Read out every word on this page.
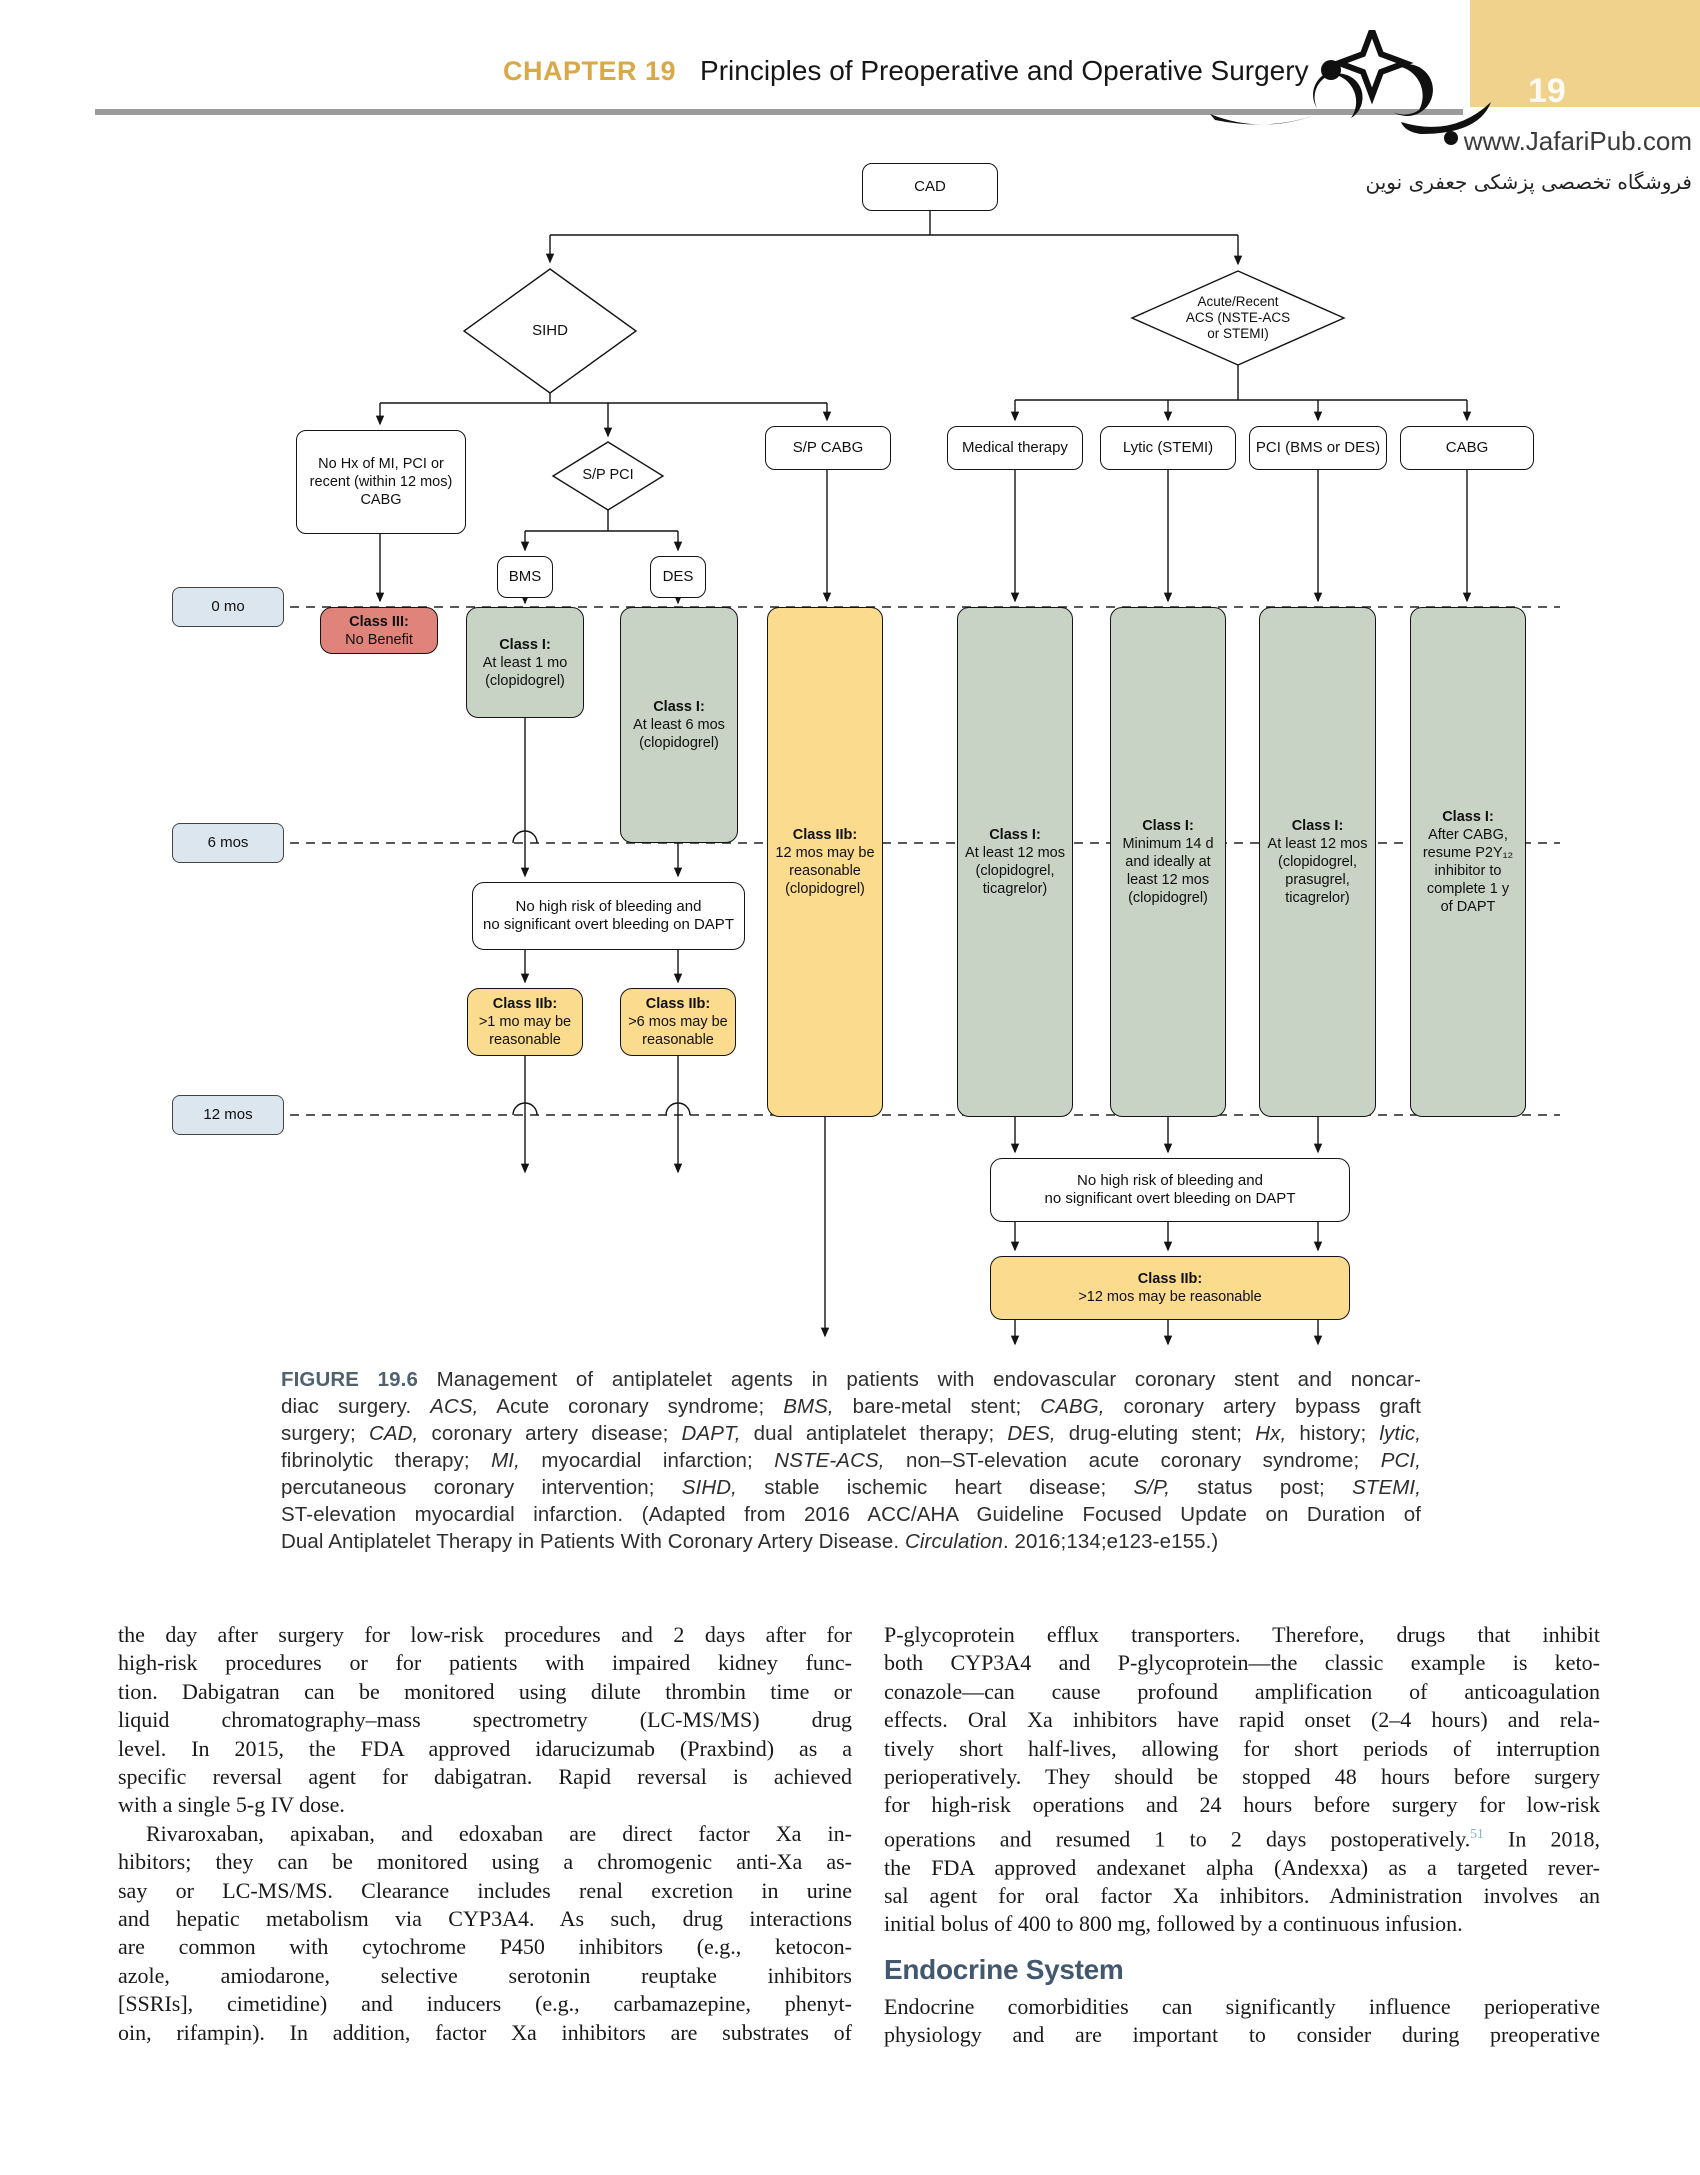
19
CHAPTER 19 Principles of Preoperative and Operative Surgery
www.JafariPub.com
فروشگاه تخصصی پزشکی جعفری نوین
CAD
SIHD
Acute/Recent
ACS (NSTE-ACS
or STEMI)
No Hx of MI, PCI or
recent (within 12 mos)
CABG
S/P PCI
S/P CABG	Medical therapy	Lytic (STEMI)	PCI (BMS or DES)	CABG
BMS	DES
0 mo
6 mos
12 mos
Class III:
No Benefit	Class I:
At least 1 mo
(clopidogrel)
Class I:
At least 6 mos
(clopidogrel)
Class IIb:
12 mos may be
reasonable
(clopidogrel)
Class I:
At least 12 mos
(clopidogrel,
ticagrelor)
Class I:
Minimum 14 d
and ideally at
least 12 mos
(clopidogrel)
Class I:
At least 12 mos
(clopidogrel,
prasugrel,
ticagrelor)
Class I:
After CABG,
resume P2Y₁₂
inhibitor to
complete 1 y
of DAPT
No high risk of bleeding and
no significant overt bleeding on DAPT
Class IIb:
>1 mo may be
reasonable
Class IIb:
>6 mos may be
reasonable
No high risk of bleeding and
no significant overt bleeding on DAPT
Class IIb:
>12 mos may be reasonable
FIGURE 19.6 Management of antiplatelet agents in patients with endovascular coronary stent and noncar-
diac surgery. ACS, Acute coronary syndrome; BMS, bare-metal stent; CABG, coronary artery bypass graft
surgery; CAD, coronary artery disease; DAPT, dual antiplatelet therapy; DES, drug-eluting stent; Hx, history; lytic,
fibrinolytic therapy; MI, myocardial infarction; NSTE-ACS, non–ST-elevation acute coronary syndrome; PCI,
percutaneous coronary intervention; SIHD, stable ischemic heart disease; S/P, status post; STEMI,
ST-elevation myocardial infarction. (Adapted from 2016 ACC/AHA Guideline Focused Update on Duration of
Dual Antiplatelet Therapy in Patients With Coronary Artery Disease. Circulation. 2016;134;e123-e155.)
the day after surgery for low-risk procedures and 2 days after for
high-risk procedures or for patients with impaired kidney func-
tion. Dabigatran can be monitored using dilute thrombin time or
liquid chromatography–mass spectrometry (LC-MS/MS) drug
level. In 2015, the FDA approved idarucizumab (Praxbind) as a
specific reversal agent for dabigatran. Rapid reversal is achieved
with a single 5-g IV dose.
Rivaroxaban, apixaban, and edoxaban are direct factor Xa in-
hibitors; they can be monitored using a chromogenic anti-Xa as-
say or LC-MS/MS. Clearance includes renal excretion in urine
and hepatic metabolism via CYP3A4. As such, drug interactions
are common with cytochrome P450 inhibitors (e.g., ketocon-
azole, amiodarone, selective serotonin reuptake inhibitors
[SSRIs], cimetidine) and inducers (e.g., carbamazepine, phenyt-
oin, rifampin). In addition, factor Xa inhibitors are substrates of
P-glycoprotein efflux transporters. Therefore, drugs that inhibit
both CYP3A4 and P-glycoprotein—the classic example is keto-
conazole—can cause profound amplification of anticoagulation
effects. Oral Xa inhibitors have rapid onset (2–4 hours) and rela-
tively short half-lives, allowing for short periods of interruption
perioperatively. They should be stopped 48 hours before surgery
for high-risk operations and 24 hours before surgery for low-risk
operations and resumed 1 to 2 days postoperatively.$^{51}$ In 2018,
the FDA approved andexanet alpha (Andexxa) as a targeted rever-
sal agent for oral factor Xa inhibitors. Administration involves an
initial bolus of 400 to 800 mg, followed by a continuous infusion.
Endocrine System
Endocrine comorbidities can significantly influence perioperative
physiology and are important to consider during preoperative
